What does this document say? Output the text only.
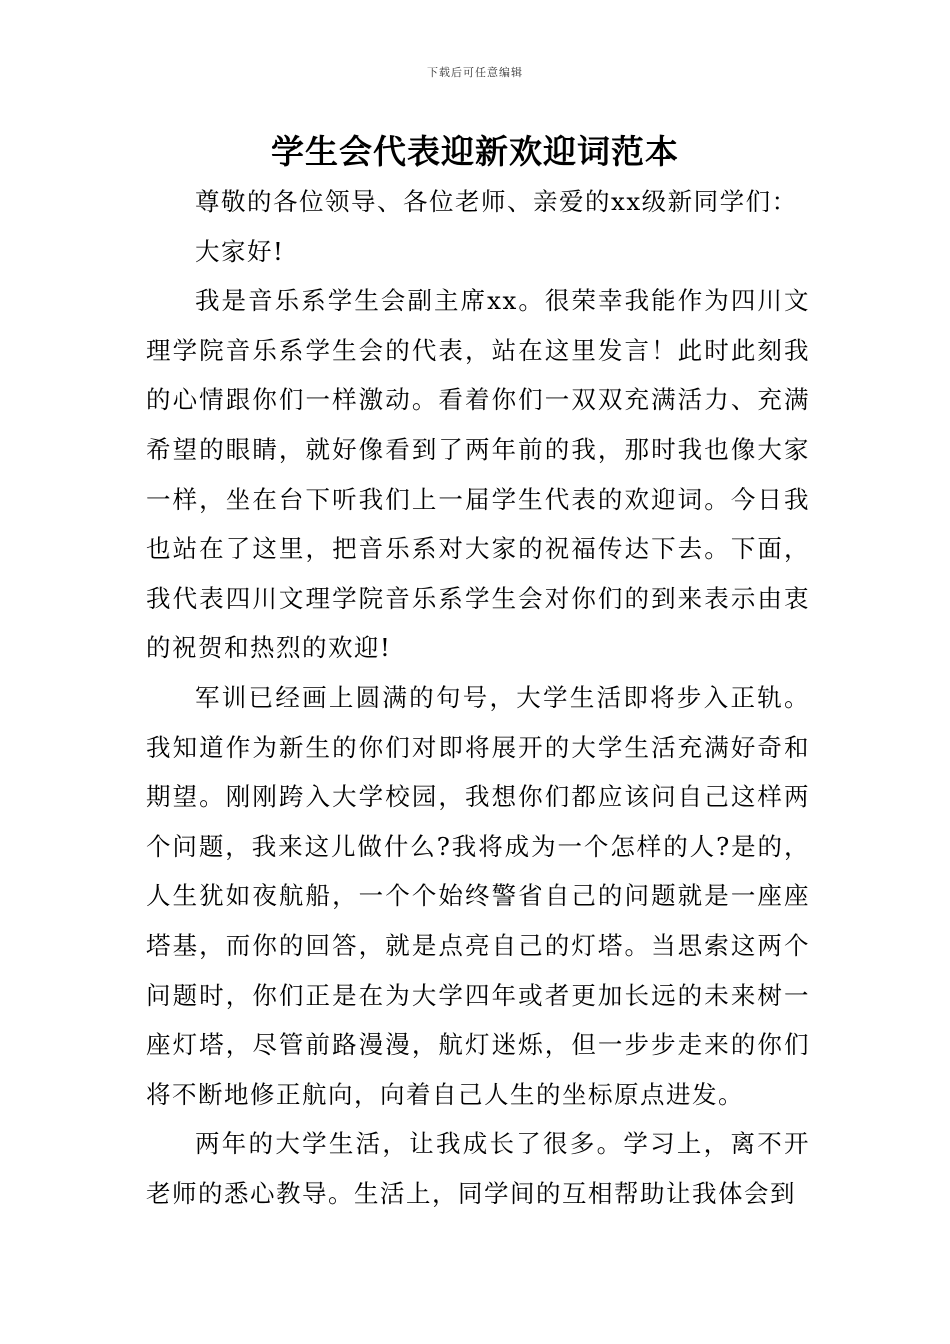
下载后可任意编辑
学生会代表迎新欢迎词范本

尊敬的各位领导、各位老师、亲爱的xx级新同学们：

大家好!

我是音乐系学生会副主席xx。很荣幸我能作为四川文理学院音乐系学生会的代表，站在这里发言！此时此刻我的心情跟你们一样激动。看着你们一双双充满活力、充满希望的眼睛，就好像看到了两年前的我，那时我也像大家一样，坐在台下听我们上一届学生代表的欢迎词。今日我也站在了这里，把音乐系对大家的祝福传达下去。下面，我代表四川文理学院音乐系学生会对你们的到来表示由衷的祝贺和热烈的欢迎!

军训已经画上圆满的句号，大学生活即将步入正轨。我知道作为新生的你们对即将展开的大学生活充满好奇和期望。刚刚跨入大学校园，我想你们都应该问自己这样两个问题，我来这儿做什么?我将成为一个怎样的人?是的，人生犹如夜航船，一个个始终警省自己的问题就是一座座塔基，而你的回答，就是点亮自己的灯塔。当思索这两个问题时，你们正是在为大学四年或者更加长远的未来树一座灯塔，尽管前路漫漫，航灯迷烁，但一步步走来的你们将不断地修正航向，向着自己人生的坐标原点进发。

两年的大学生活，让我成长了很多。学习上，离不开老师的悉心教导。生活上，同学间的互相帮助让我体会到
